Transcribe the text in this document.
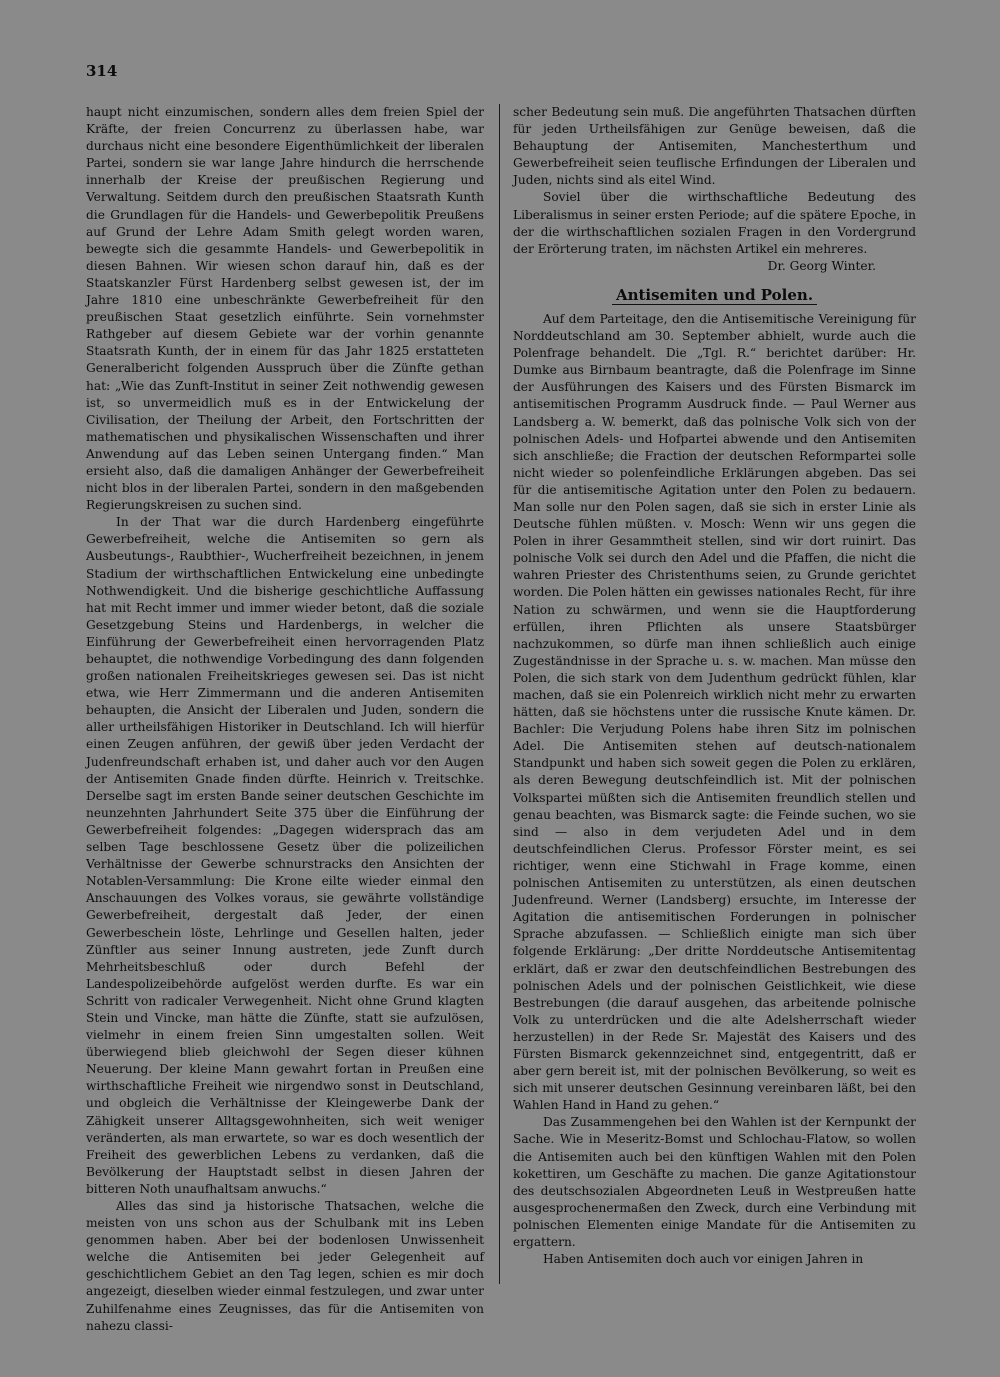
314

haupt nicht einzumischen, sondern alles dem freien Spiel der Kräfte, der freien Concurrenz zu überlassen habe, war durchaus nicht eine besondere Eigenthümlichkeit der liberalen Partei, sondern sie war lange Jahre hindurch die herrschende innerhalb der Kreise der preußischen Regierung und Verwaltung. Seitdem durch den preußischen Staatsrath Kunth die Grundlagen für die Handels- und Gewerbepolitik Preußens auf Grund der Lehre Adam Smith gelegt worden waren, bewegte sich die gesammte Handels- und Gewerbepolitik in diesen Bahnen. Wir wiesen schon darauf hin, daß es der Staatskanzler Fürst Hardenberg selbst gewesen ist, der im Jahre 1810 eine unbeschränkte Gewerbefreiheit für den preußischen Staat gesetzlich einführte. Sein vornehmster Rathgeber auf diesem Gebiete war der vorhin genannte Staatsrath Kunth, der in einem für das Jahr 1825 erstatteten Generalbericht folgenden Ausspruch über die Zünfte gethan hat: „Wie das Zunft-Institut in seiner Zeit nothwendig gewesen ist, so unvermeidlich muß es in der Entwickelung der Civilisation, der Theilung der Arbeit, den Fortschritten der mathematischen und physikalischen Wissenschaften und ihrer Anwendung auf das Leben seinen Untergang finden.“ Man ersieht also, daß die damaligen Anhänger der Gewerbefreiheit nicht blos in der liberalen Partei, sondern in den maßgebenden Regierungskreisen zu suchen sind.

In der That war die durch Hardenberg eingeführte Gewerbefreiheit, welche die Antisemiten so gern als Ausbeutungs-, Raubthier-, Wucherfreiheit bezeichnen, in jenem Stadium der wirthschaftlichen Entwickelung eine unbedingte Nothwendigkeit. Und die bisherige geschichtliche Auffassung hat mit Recht immer und immer wieder betont, daß die soziale Gesetzgebung Steins und Hardenbergs, in welcher die Einführung der Gewerbefreiheit einen hervorragenden Platz behauptet, die nothwendige Vorbedingung des dann folgenden großen nationalen Freiheitskrieges gewesen sei. Das ist nicht etwa, wie Herr Zimmermann und die anderen Antisemiten behaupten, die Ansicht der Liberalen und Juden, sondern die aller urtheilsfähigen Historiker in Deutschland. Ich will hierfür einen Zeugen anführen, der gewiß über jeden Verdacht der Judenfreundschaft erhaben ist, und daher auch vor den Augen der Antisemiten Gnade finden dürfte. Heinrich v. Treitschke. Derselbe sagt im ersten Bande seiner deutschen Geschichte im neunzehnten Jahrhundert Seite 375 über die Einführung der Gewerbefreiheit folgendes: „Dagegen widersprach das am selben Tage beschlossene Gesetz über die polizeilichen Verhältnisse der Gewerbe schnurstracks den Ansichten der Notablen-Versammlung: Die Krone eilte wieder einmal den Anschauungen des Volkes voraus, sie gewährte vollständige Gewerbefreiheit, dergestalt daß Jeder, der einen Gewerbeschein löste, Lehrlinge und Gesellen halten, jeder Zünftler aus seiner Innung austreten, jede Zunft durch Mehrheitsbeschluß oder durch Befehl der Landespolizeibehörde aufgelöst werden durfte. Es war ein Schritt von radicaler Verwegenheit. Nicht ohne Grund klagten Stein und Vincke, man hätte die Zünfte, statt sie aufzulösen, vielmehr in einem freien Sinn umgestalten sollen. Weit überwiegend blieb gleichwohl der Segen dieser kühnen Neuerung. Der kleine Mann gewahrt fortan in Preußen eine wirthschaftliche Freiheit wie nirgendwo sonst in Deutschland, und obgleich die Verhältnisse der Kleingewerbe Dank der Zähigkeit unserer Alltagsgewohnheiten, sich weit weniger veränderten, als man erwartete, so war es doch wesentlich der Freiheit des gewerblichen Lebens zu verdanken, daß die Bevölkerung der Hauptstadt selbst in diesen Jahren der bitteren Noth unaufhaltsam anwuchs.“

Alles das sind ja historische Thatsachen, welche die meisten von uns schon aus der Schulbank mit ins Leben genommen haben. Aber bei der bodenlosen Unwissenheit welche die Antisemiten bei jeder Gelegenheit auf geschichtlichem Gebiet an den Tag legen, schien es mir doch angezeigt, dieselben wieder einmal festzulegen, und zwar unter Zuhilfenahme eines Zeugnisses, das für die Antisemiten von nahezu classi-

scher Bedeutung sein muß. Die angeführten Thatsachen dürften für jeden Urtheilsfähigen zur Genüge beweisen, daß die Behauptung der Antisemiten, Manchesterthum und Gewerbefreiheit seien teuflische Erfindungen der Liberalen und Juden, nichts sind als eitel Wind.

Soviel über die wirthschaftliche Bedeutung des Liberalismus in seiner ersten Periode; auf die spätere Epoche, in der die wirthschaftlichen sozialen Fragen in den Vordergrund der Erörterung traten, im nächsten Artikel ein mehreres.

Dr. Georg Winter.

Antisemiten und Polen.

Auf dem Parteitage, den die Antisemitische Vereinigung für Norddeutschland am 30. September abhielt, wurde auch die Polenfrage behandelt. Die „Tgl. R.“ berichtet darüber: Hr. Dumke aus Birnbaum beantragte, daß die Polenfrage im Sinne der Ausführungen des Kaisers und des Fürsten Bismarck im antisemitischen Programm Ausdruck finde. — Paul Werner aus Landsberg a. W. bemerkt, daß das polnische Volk sich von der polnischen Adels- und Hofpartei abwende und den Antisemiten sich anschließe; die Fraction der deutschen Reformpartei solle nicht wieder so polenfeindliche Erklärungen abgeben. Das sei für die antisemitische Agitation unter den Polen zu bedauern. Man solle nur den Polen sagen, daß sie sich in erster Linie als Deutsche fühlen müßten. v. Mosch: Wenn wir uns gegen die Polen in ihrer Gesammtheit stellen, sind wir dort ruinirt. Das polnische Volk sei durch den Adel und die Pfaffen, die nicht die wahren Priester des Christenthums seien, zu Grunde gerichtet worden. Die Polen hätten ein gewisses nationales Recht, für ihre Nation zu schwärmen, und wenn sie die Hauptforderung erfüllen, ihren Pflichten als unsere Staatsbürger nachzukommen, so dürfe man ihnen schließlich auch einige Zugeständnisse in der Sprache u. s. w. machen. Man müsse den Polen, die sich stark von dem Judenthum gedrückt fühlen, klar machen, daß sie ein Polenreich wirklich nicht mehr zu erwarten hätten, daß sie höchstens unter die russische Knute kämen. Dr. Bachler: Die Verjudung Polens habe ihren Sitz im polnischen Adel. Die Antisemiten stehen auf deutsch-nationalem Standpunkt und haben sich soweit gegen die Polen zu erklären, als deren Bewegung deutschfeindlich ist. Mit der polnischen Volkspartei müßten sich die Antisemiten freundlich stellen und genau beachten, was Bismarck sagte: die Feinde suchen, wo sie sind — also in dem verjudeten Adel und in dem deutschfeindlichen Clerus. Professor Förster meint, es sei richtiger, wenn eine Stichwahl in Frage komme, einen polnischen Antisemiten zu unterstützen, als einen deutschen Judenfreund. Werner (Landsberg) ersuchte, im Interesse der Agitation die antisemitischen Forderungen in polnischer Sprache abzufassen. — Schließlich einigte man sich über folgende Erklärung: „Der dritte Norddeutsche Antisemitentag erklärt, daß er zwar den deutschfeindlichen Bestrebungen des polnischen Adels und der polnischen Geistlichkeit, wie diese Bestrebungen (die darauf ausgehen, das arbeitende polnische Volk zu unterdrücken und die alte Adelsherrschaft wieder herzustellen) in der Rede Sr. Majestät des Kaisers und des Fürsten Bismarck gekennzeichnet sind, entgegentritt, daß er aber gern bereit ist, mit der polnischen Bevölkerung, so weit es sich mit unserer deutschen Gesinnung vereinbaren läßt, bei den Wahlen Hand in Hand zu gehen.“

Das Zusammengehen bei den Wahlen ist der Kernpunkt der Sache. Wie in Meseritz-Bomst und Schlochau-Flatow, so wollen die Antisemiten auch bei den künftigen Wahlen mit den Polen kokettiren, um Geschäfte zu machen. Die ganze Agitationstour des deutschsozialen Abgeordneten Leuß in Westpreußen hatte ausgesprochenermaßen den Zweck, durch eine Verbindung mit polnischen Elementen einige Mandate für die Antisemiten zu ergattern.

Haben Antisemiten doch auch vor einigen Jahren in
